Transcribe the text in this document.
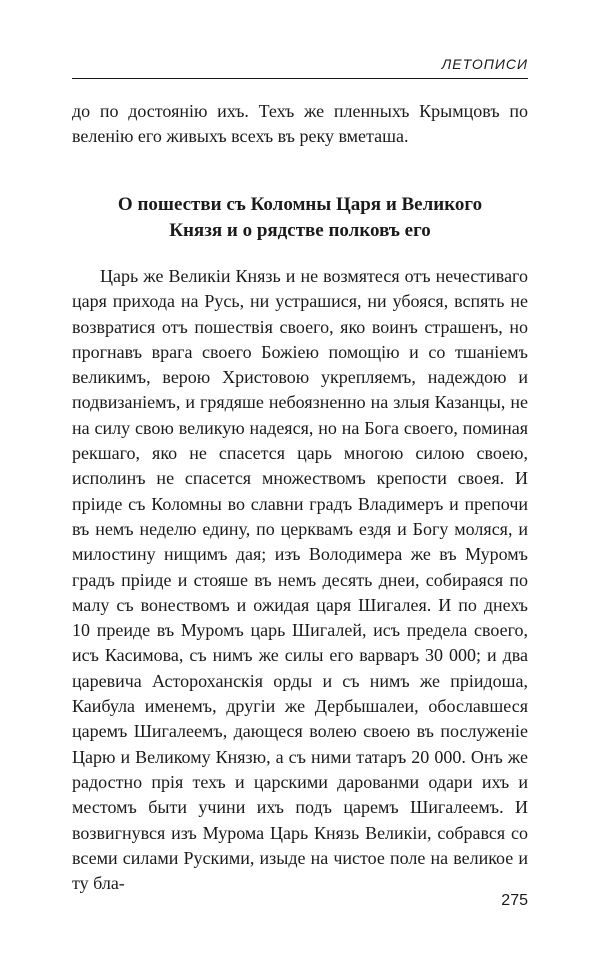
ЛЕТОПИСИ

до по достоянію ихъ. Техъ же пленныхъ Крымцовъ по веленію его живыхъ всехъ въ реку вметаша.

О пошестви съ Коломны Царя и Великого Князя и о рядстве полковъ его

Царь же Великіи Князь и не возмятеся отъ нечестиваго царя прихода на Русь, ни устрашися, ни убояся, вспять не возвратися отъ пошествія своего, яко воинъ страшенъ, но прогнавъ врага своего Божіею помощію и со тшаніемъ великимъ, верою Христовою укрепляемъ, надеждою и подвизаніемъ, и грядяше небоязненно на злыя Казанцы, не на силу свою великую надеяся, но на Бога своего, поминая рекшаго, яко не спасется царь многою силою своею, исполинъ не спасется множествомъ крепости своея. И пріиде съ Коломны во славни градъ Владимеръ и препочи въ немъ неделю едину, по церквамъ ездя и Богу моляся, и милостину нищимъ дая; изъ Володимера же въ Муромъ градъ пріиде и стояше въ немъ десять днеи, собираяся по малу съ вонествомъ и ожидая царя Шигалея. И по днехъ 10 преиде въ Муромъ царь Шигалей, исъ предела своего, исъ Касимова, съ нимъ же силы его варваръ 30 000; и два царевича Астороханскія орды и съ нимъ же пріидоша, Каибула именемъ, другіи же Дербышалеи, обославшеся царемъ Шигалеемъ, дающеся волею своею въ послуженіе Царю и Великому Князю, а съ ними татаръ 20 000. Онъ же радостно прія техъ и царскими дарованми одари ихъ и местомъ быти учини ихъ подъ царемъ Шигалеемъ. И возвигнувся изъ Мурома Царь Князь Великіи, собрався со всеми силами Рускими, изыде на чистое поле на великое и ту бла-

275
